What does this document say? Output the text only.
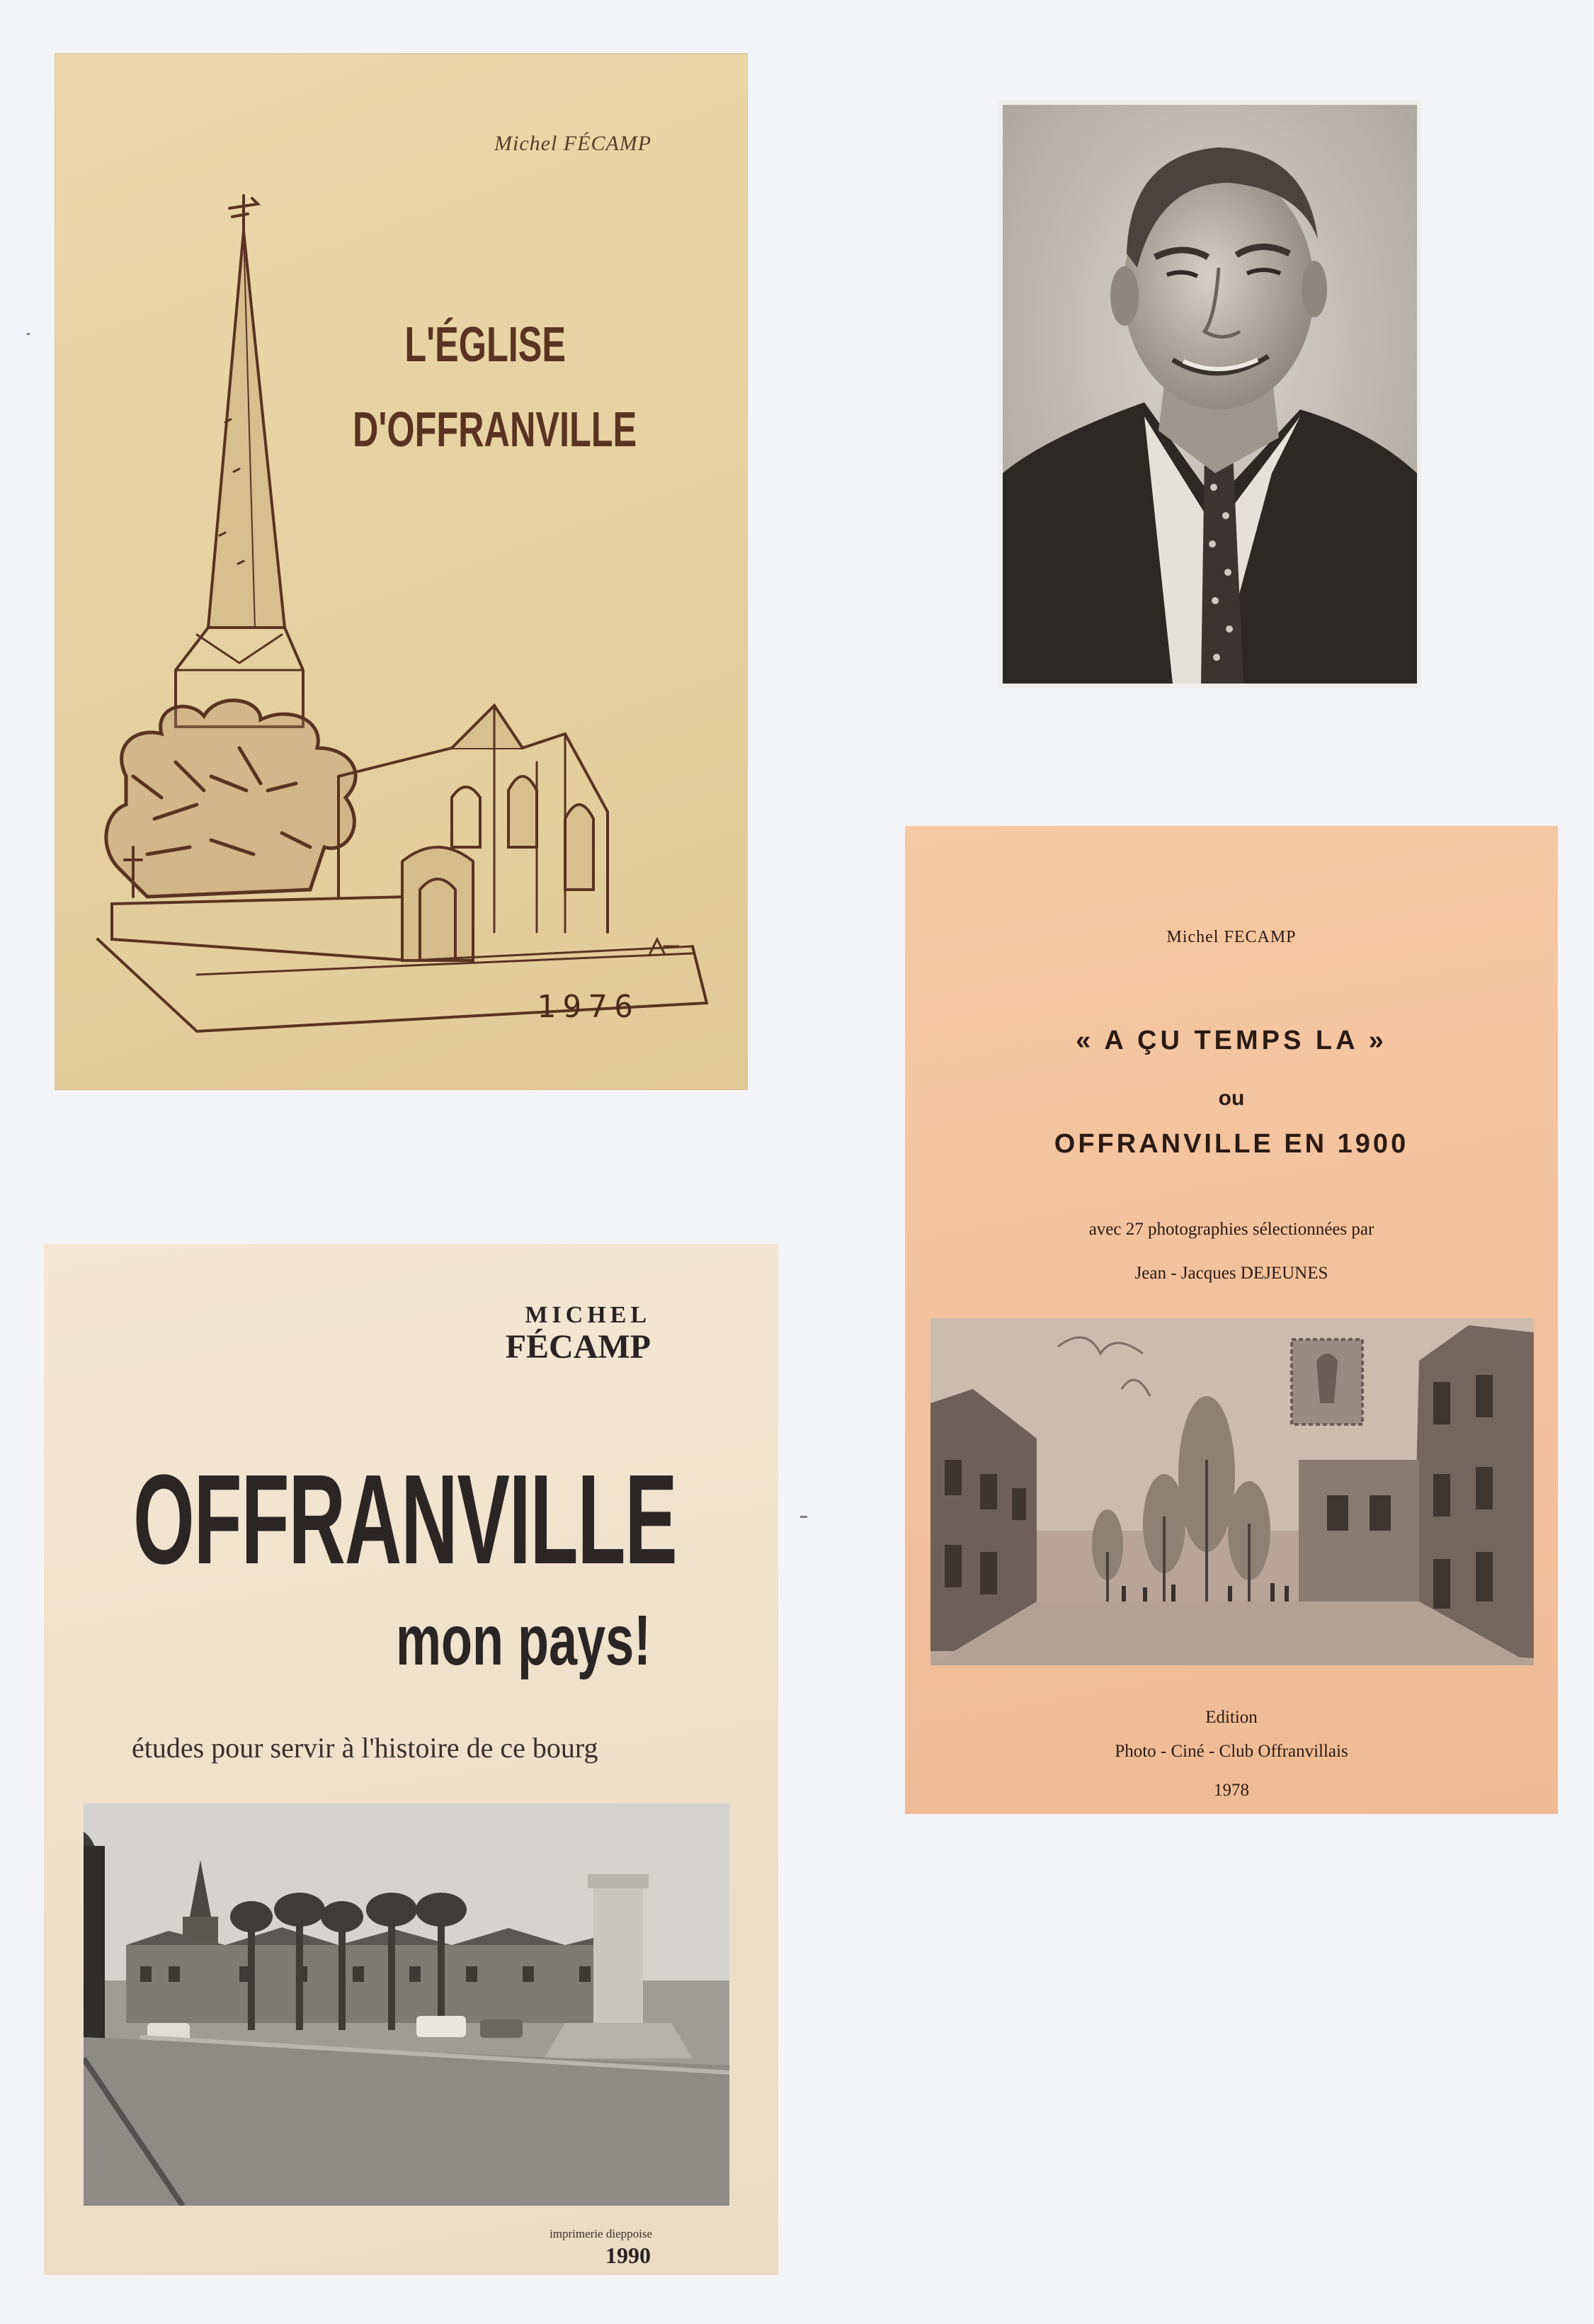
Michel FÉCAMP
L'ÉGLISE
D'OFFRANVILLE
1976
Michel FECAMP
« A ÇU TEMPS LA »
ou
OFFRANVILLE EN 1900
avec 27 photographies sélectionnées par
Jean - Jacques DEJEUNES
Edition
Photo - Ciné - Club Offranvillais
1978
MICHEL
FÉCAMP
OFFRANVILLE
mon pays!
études pour servir à l'histoire de ce bourg
imprimerie dieppoise
1990
